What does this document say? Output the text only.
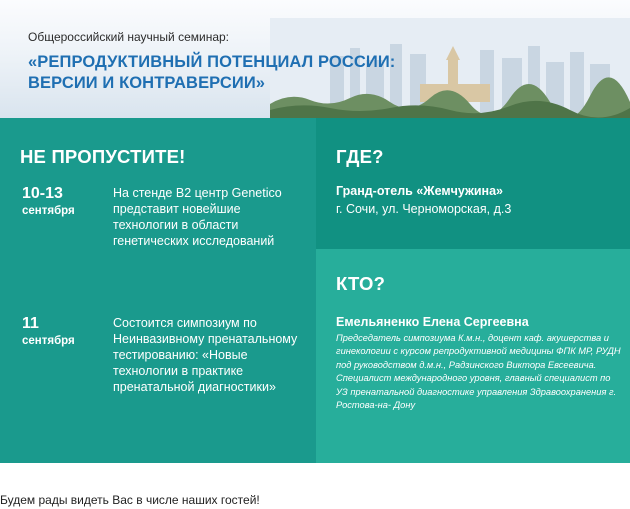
Общероссийский научный семинар:
«РЕПРОДУКТИВНЫЙ ПОТЕНЦИАЛ РОССИИ:
ВЕРСИИ И КОНТРАВЕРСИИ»
НЕ ПРОПУСТИТЕ!
10-13
сентября
На стенде B2 центр Genetico представит новейшие технологии в области генетических исследований
11
сентября
Состоится симпозиум по Неинвазивному пренатальному тестированию: «Новые технологии в практике пренатальной диагностики»
ГДЕ?
Гранд-отель «Жемчужина»
г. Сочи, ул. Черноморская, д.3
КТО?
Емельяненко Елена Сергеевна
Председатель симпозиума К.м.н., доцент каф. акушерства и гинекологии с курсом репродуктивной медицины ФПК МР, РУДН под руководством д.м.н., Радзинского Виктора Евсеевича. Специалист международного уровня, главный специалист по УЗ пренатальной диагностике управления Здравоохранения г. Ростова-на- Дону
Будем рады видеть Вас в числе наших гостей!
